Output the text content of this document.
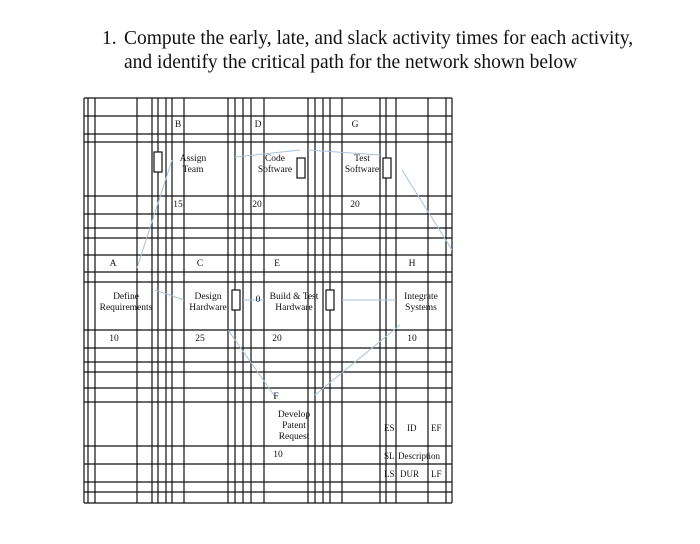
1. Compute the early, late, and slack activity times for each activity, and identify the critical path for the network shown below
B	D	G
A	C	E	H
F
Assign
Team
Code
Software
Test
Software
Define
Requirements
Design
Hardware
Build & Test
Hardware
Integrate
Systems
Develop
Patent
Request
0
15	20	20
10	25	20	10
10
ES ID EF
SL Description
LS DUR LF
